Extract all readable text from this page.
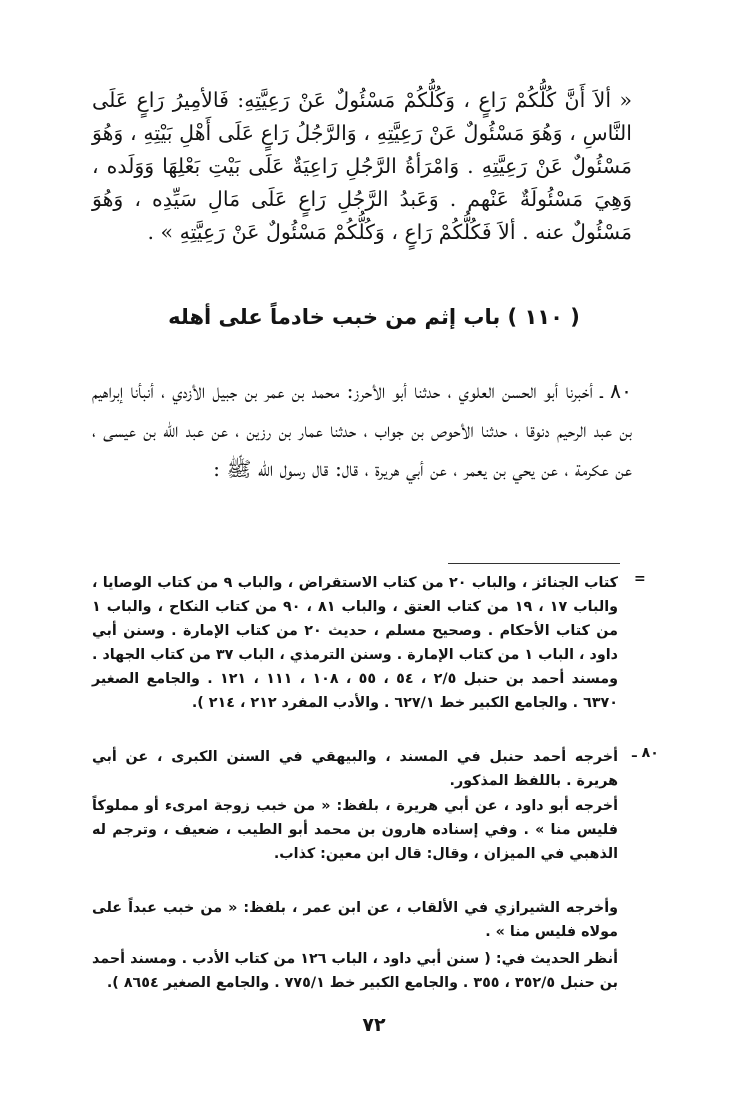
« ألاَ أَنَّ كُلُّكُمْ رَاعٍ ، وَكُلُّكُمْ مَسْئُولٌ عَنْ رَعِيَّتِهِ: فَالأمِيرُ رَاعٍ عَلَى النَّاسِ ، وَهُوَ مَسْئُولٌ عَنْ رَعِيَّتِهِ ، وَالرَّجُلُ رَاعٍ عَلَى أَهْلِ بَيْتِهِ ، وَهُوَ مَسْئُولٌ عَنْ رَعِيَّتِهِ . وَامْرَأةُ الرَّجُلِ رَاعِيَةٌ عَلَى بَيْتِ بَعْلِهَا وَوَلَده ، وَهِيَ مَسْئُولَةٌ عَنْهم . وَعَبدُ الرَّجُلِ رَاعٍ عَلَى مَالِ سَيِّدِه ، وَهُوَ مَسْئُولٌ عنه . ألاَ فَكُلُّكُمْ رَاعٍ ، وَكُلُّكُمْ مَسْئُولٌ عَنْ رَعِيَّتِهِ » .
( ١١٠ ) باب إثم من خبب خادماً على أهله
٨٠ ـ أخبرنا أبو الحسن العلوي ، حدثنا أبو الأحرز: محمد بن عمر بن جبيل الأزدي ، أنبأنا إبراهيم بن عبد الرحيم دنوقا ، حدثنا الأحوص بن جواب ، حدثنا عمار بن رزين ، عن عبد الله بن عيسى ، عن عكرمة ، عن يحي بن يعمر ، عن أبي هريرة ، قال: قال رسول الله ﷺ :
=
كتاب الجنائز ، والباب ٢٠ من كتاب الاستقراض ، والباب ٩ من كتاب الوصايا ، والباب ١٧ ، ١٩ من كتاب العتق ، والباب ٨١ ، ٩٠ من كتاب النكاح ، والباب ١ من كتاب الأحكام . وصحيح مسلم ، حديث ٢٠ من كتاب الإمارة . وسنن أبي داود ، الباب ١ من كتاب الإمارة . وسنن الترمذي ، الباب ٣٧ من كتاب الجهاد . ومسند أحمد بن حنبل ٢/٥ ، ٥٤ ، ٥٥ ، ١٠٨ ، ١١١ ، ١٢١ . والجامع الصغير ٦٣٧٠ . والجامع الكبير خط ٦٢٧/١ . والأدب المفرد ٢١٢ ، ٢١٤ ).
٨٠ ـ
أخرجه أحمد حنبل في المسند ، والبيهقي في السنن الكبرى ، عن أبي هريرة . باللفظ المذكور.
أخرجه أبو داود ، عن أبي هريرة ، بلفظ: « من خبب زوجة امرىء أو مملوكاً فليس منا » . وفي إسناده هارون بن محمد أبو الطيب ، ضعيف ، وترجم له الذهبي في الميزان ، وقال: قال ابن معين: كذاب.
وأخرجه الشيرازي في الألقاب ، عن ابن عمر ، بلفظ: « من خبب عبداً على مولاه فليس منا » .
أنظر الحديث في: ( سنن أبي داود ، الباب ١٢٦ من كتاب الأدب . ومسند أحمد بن حنبل ٣٥٢/٥ ، ٣٥٥ . والجامع الكبير خط ٧٧٥/١ . والجامع الصغير ٨٦٥٤ ).
٧٢
